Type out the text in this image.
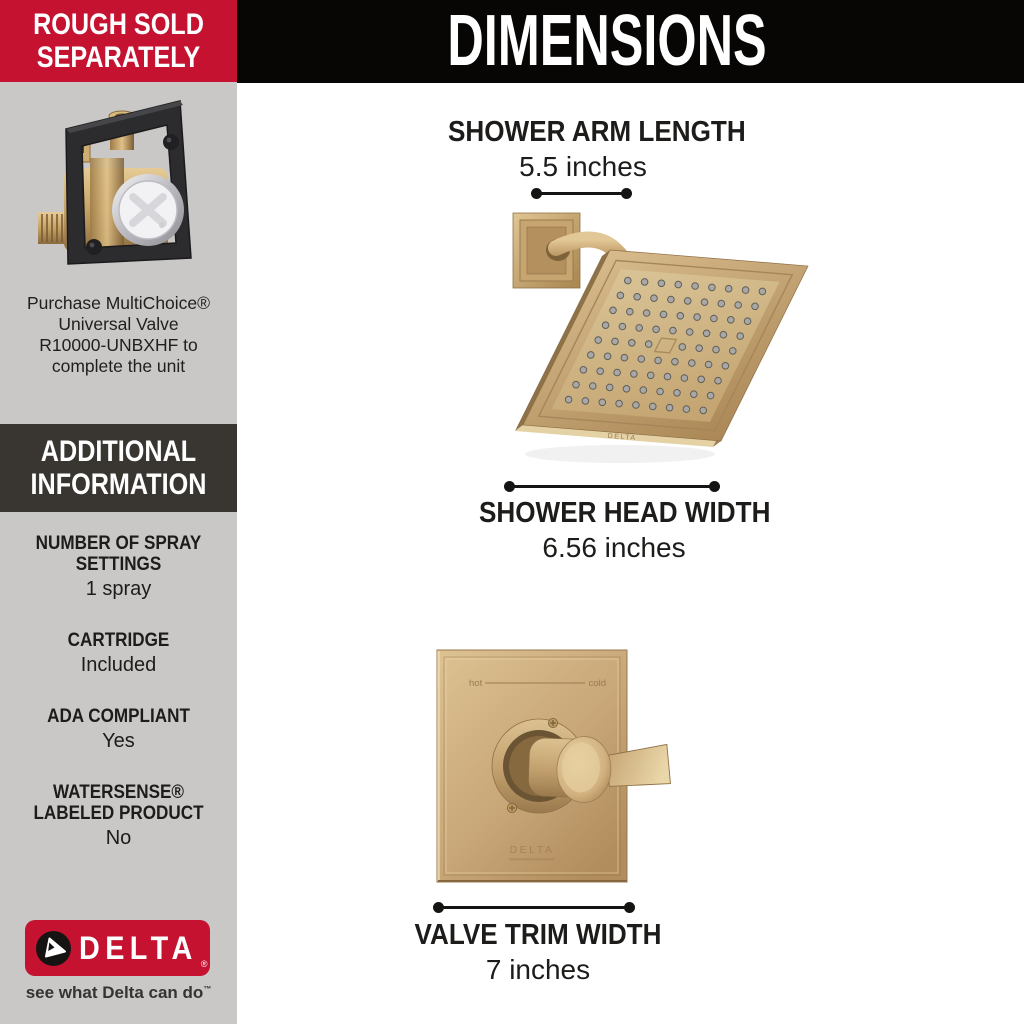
ROUGH SOLD
SEPARATELY
Purchase MultiChoice®
Universal Valve
R10000-UNBXHF to
complete the unit
ADDITIONAL
INFORMATION
NUMBER OF SPRAY
SETTINGS
1 spray
CARTRIDGE
Included
ADA COMPLIANT
Yes
WATERSENSE®
LABELED PRODUCT
No
DELTA ®
see what Delta can do™
DIMENSIONS
SHOWER ARM LENGTH
5.5 inches
DELTA
SHOWER HEAD WIDTH
6.56 inches
hot	cold
DELTA
VALVE TRIM WIDTH
7 inches
